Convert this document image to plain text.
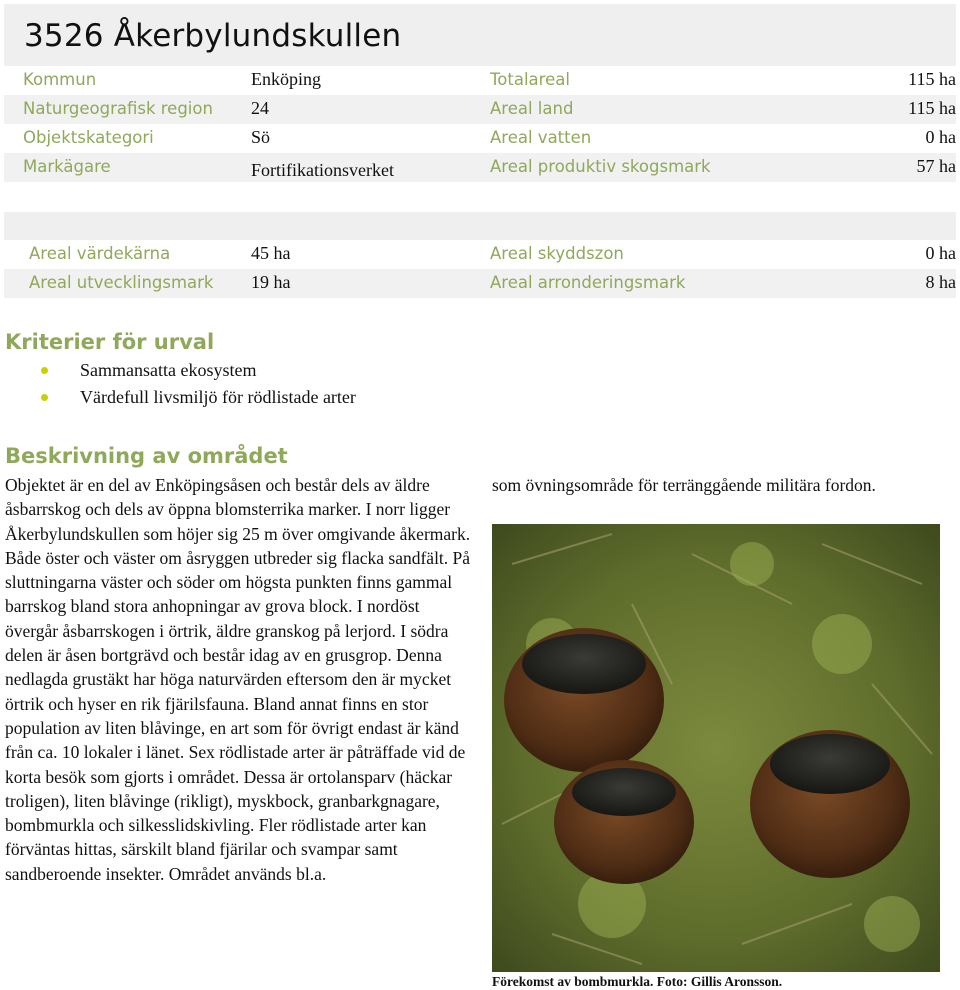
3526 Åkerbylundskullen
Kommun	Enköping	Totalareal	115 ha
Naturgeografisk region 24	Areal land	115 ha
Objektskategori	Sö	Areal vatten	0 ha
Markägare	Fortifikationsverket	Areal produktiv skogsmark	57 ha
Areal värdekärna	45 ha	Areal skyddszon	0 ha
Areal utvecklingsmark 19 ha	Areal arronderingsmark	8 ha
Kriterier för urval
Sammansatta ekosystem
Värdefull livsmiljö för rödlistade arter
Beskrivning av området
Objektet är en del av Enköpingsåsen och består dels av äldre åsbarrskog och dels av öppna blomsterrika marker. I norr ligger Åkerbylundskullen som höjer sig 25 m över omgivande åkermark. Både öster och väster om åsryggen utbreder sig flacka sandfält. På sluttningarna väster och söder om högsta punkten finns gammal barrskog bland stora anhopningar av grova block. I nordöst övergår åsbarrskogen i örtrik, äldre granskog på lerjord. I södra delen är åsen bortgrävd och består idag av en grusgrop. Denna nedlagda grustäkt har höga naturvärden eftersom den är mycket örtrik och hyser en rik fjärilsfauna. Bland annat finns en stor population av liten blåvinge, en art som för övrigt endast är känd från ca. 10 lokaler i länet. Sex rödlistade arter är påträffade vid de korta besök som gjorts i området. Dessa är ortolansparv (häckar troligen), liten blåvinge (rikligt), myskbock, granbarkgnagare, bombmurkla och silkesslidskivling. Fler rödlistade arter kan förväntas hittas, särskilt bland fjärilar och svampar samt sandberoende insekter. Området används bl.a.
som övningsområde för terränggående militära fordon.
Förekomst av bombmurkla. Foto: Gillis Aronsson.
